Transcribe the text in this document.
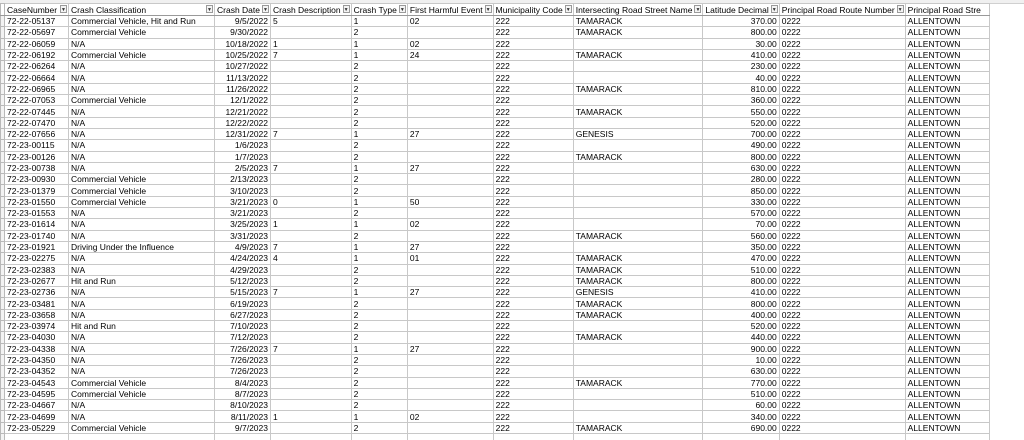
	CaseNumber ▼	Crash Classification ▼	Crash Date ▼	Crash Description ▼	Crash Type ▼	First Harmful Event ▼	Municipality Code ▼	Intersecting Road Street Name ▼	Latitude Decimal ▼	Principal Road Route Number ▼	Principal Road Stre
	72-22-05137	Commercial Vehicle, Hit and Run	9/5/2022	5	1	02	222	TAMARACK	370.00	0222	ALLENTOWN
	72-22-05697	Commercial Vehicle	9/30/2022		2		222	TAMARACK	800.00	0222	ALLENTOWN
	72-22-06059	N/A	10/18/2022	1	1	02	222		30.00	0222	ALLENTOWN
	72-22-06192	Commercial Vehicle	10/25/2022	7	1	24	222	TAMARACK	410.00	0222	ALLENTOWN
	72-22-06264	N/A	10/27/2022		2		222		230.00	0222	ALLENTOWN
	72-22-06664	N/A	11/13/2022		2		222		40.00	0222	ALLENTOWN
	72-22-06965	N/A	11/26/2022		2		222	TAMARACK	810.00	0222	ALLENTOWN
	72-22-07053	Commercial Vehicle	12/1/2022		2		222		360.00	0222	ALLENTOWN
	72-22-07445	N/A	12/21/2022		2		222	TAMARACK	550.00	0222	ALLENTOWN
	72-22-07470	N/A	12/22/2022		2		222		520.00	0222	ALLENTOWN
	72-22-07656	N/A	12/31/2022	7	1	27	222	GENESIS	700.00	0222	ALLENTOWN
	72-23-00115	N/A	1/6/2023		2		222		490.00	0222	ALLENTOWN
	72-23-00126	N/A	1/7/2023		2		222	TAMARACK	800.00	0222	ALLENTOWN
	72-23-00738	N/A	2/5/2023	7	1	27	222		630.00	0222	ALLENTOWN
	72-23-00930	Commercial Vehicle	2/13/2023		2		222		280.00	0222	ALLENTOWN
	72-23-01379	Commercial Vehicle	3/10/2023		2		222		850.00	0222	ALLENTOWN
	72-23-01550	Commercial Vehicle	3/21/2023	0	1	50	222		330.00	0222	ALLENTOWN
	72-23-01553	N/A	3/21/2023		2		222		570.00	0222	ALLENTOWN
	72-23-01614	N/A	3/25/2023	1	1	02	222		70.00	0222	ALLENTOWN
	72-23-01740	N/A	3/31/2023		2		222	TAMARACK	560.00	0222	ALLENTOWN
	72-23-01921	Driving Under the Influence	4/9/2023	7	1	27	222		350.00	0222	ALLENTOWN
	72-23-02275	N/A	4/24/2023	4	1	01	222	TAMARACK	470.00	0222	ALLENTOWN
	72-23-02383	N/A	4/29/2023		2		222	TAMARACK	510.00	0222	ALLENTOWN
	72-23-02677	Hit and Run	5/12/2023		2		222	TAMARACK	800.00	0222	ALLENTOWN
	72-23-02736	N/A	5/15/2023	7	1	27	222	GENESIS	410.00	0222	ALLENTOWN
	72-23-03481	N/A	6/19/2023		2		222	TAMARACK	800.00	0222	ALLENTOWN
	72-23-03658	N/A	6/27/2023		2		222	TAMARACK	400.00	0222	ALLENTOWN
	72-23-03974	Hit and Run	7/10/2023		2		222		520.00	0222	ALLENTOWN
	72-23-04030	N/A	7/12/2023		2		222	TAMARACK	440.00	0222	ALLENTOWN
	72-23-04338	N/A	7/26/2023	7	1	27	222		900.00	0222	ALLENTOWN
	72-23-04350	N/A	7/26/2023		2		222		10.00	0222	ALLENTOWN
	72-23-04352	N/A	7/26/2023		2		222		630.00	0222	ALLENTOWN
	72-23-04543	Commercial Vehicle	8/4/2023		2		222	TAMARACK	770.00	0222	ALLENTOWN
	72-23-04595	Commercial Vehicle	8/7/2023		2		222		510.00	0222	ALLENTOWN
	72-23-04667	N/A	8/10/2023		2		222		60.00	0222	ALLENTOWN
	72-23-04699	N/A	8/11/2023	1	1	02	222		340.00	0222	ALLENTOWN
	72-23-05229	Commercial Vehicle	9/7/2023		2		222	TAMARACK	690.00	0222	ALLENTOWN
